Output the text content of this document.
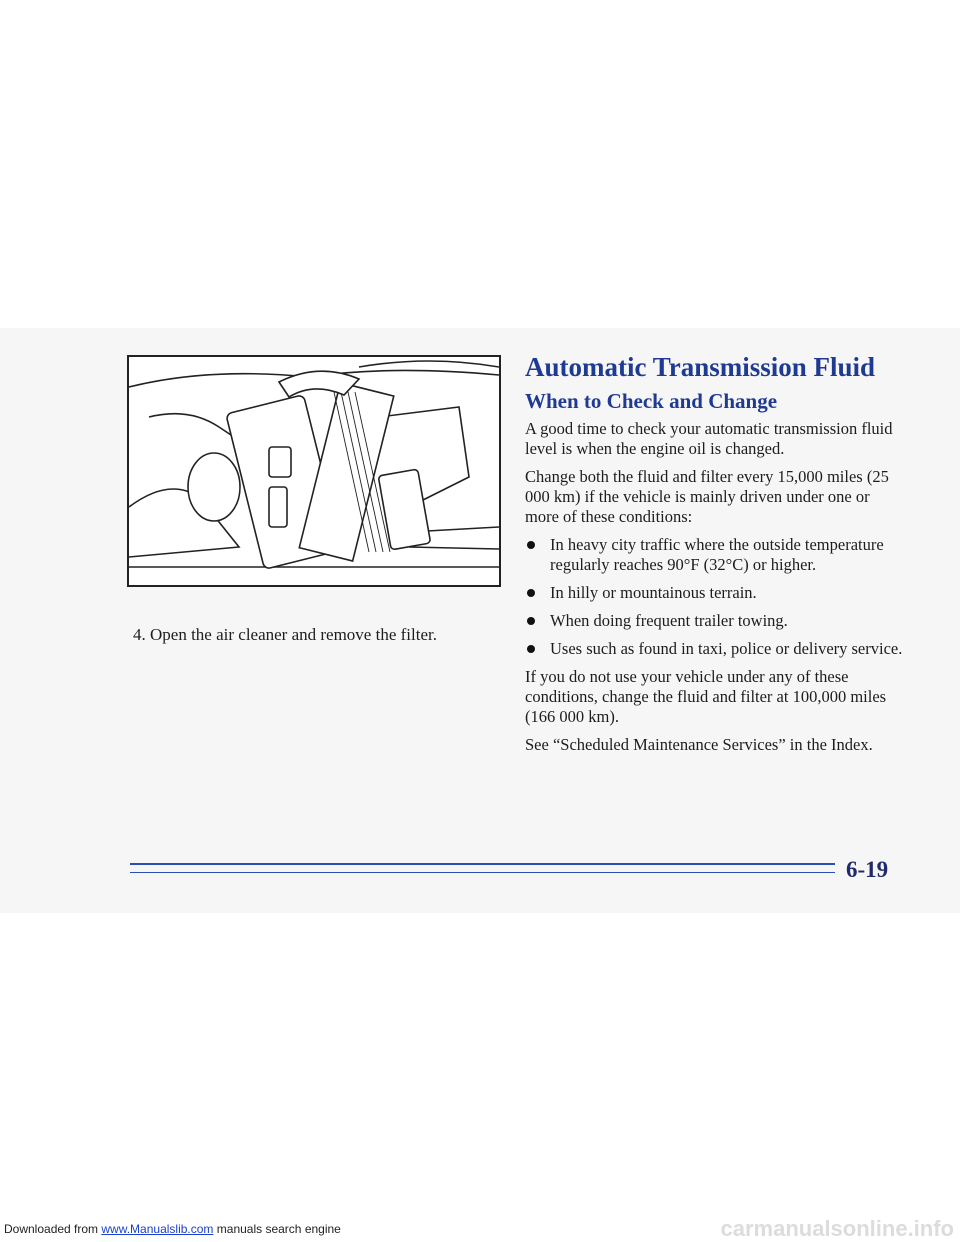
4. Open the air cleaner and remove the filter.
Automatic Transmission Fluid
When to Check and Change

A good time to check your automatic transmission fluid level is when the engine oil is changed.

Change both the fluid and filter every 15,000 miles (25 000 km) if the vehicle is mainly driven under one or more of these conditions:

In heavy city traffic where the outside temperature regularly reaches 90°F (32°C) or higher.
In hilly or mountainous terrain.
When doing frequent trailer towing.
Uses such as found in taxi, police or delivery service.

If you do not use your vehicle under any of these conditions, change the fluid and filter at 100,000 miles (166 000 km).

See “Scheduled Maintenance Services” in the Index.

6-19
Downloaded from www.Manualslib.com manuals search engine	carmanualsonline.info
